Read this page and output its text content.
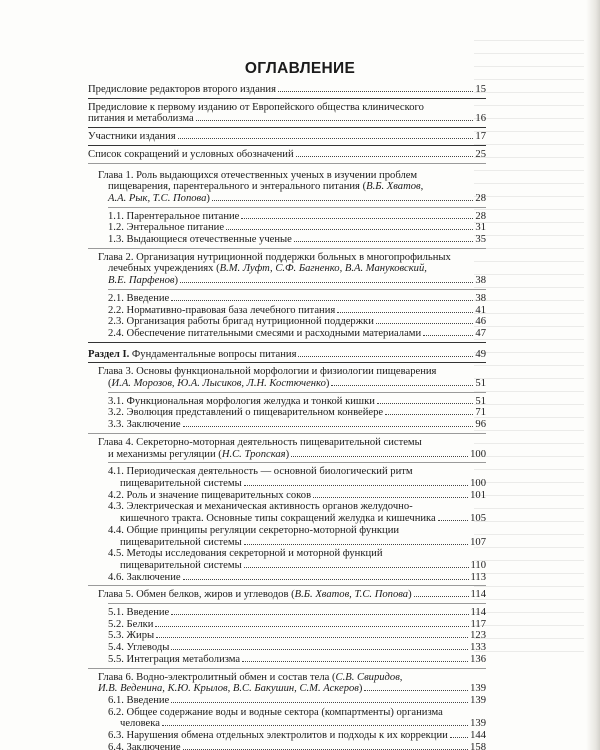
ОГЛАВЛЕНИЕ
Предисловие редакторов второго издания	15
Предисловие к первому изданию от Европейского общества клинического
питания и метаболизма	16
Участники издания	17
Список сокращений и условных обозначений	25
Глава 1. Роль выдающихся отечественных ученых в изучении проблем
пищеварения, парентерального и энтерального питания (В.Б. Хватов,
А.А. Рык, Т.С. Попова)	28
1.1. Парентеральное питание	28
1.2. Энтеральное питание	31
1.3. Выдающиеся отечественные ученые	35
Глава 2. Организация нутриционной поддержки больных в многопрофильных
лечебных учреждениях (В.М. Луфт, С.Ф. Багненко, В.А. Мануковский,
В.Е. Парфенов)	38
2.1. Введение	38
2.2. Нормативно-правовая база лечебного питания	41
2.3. Организация работы бригад нутриционной поддержки	46
2.4. Обеспечение питательными смесями и расходными материалами	47
Раздел I. Фундаментальные вопросы питания	49
Глава 3. Основы функциональной морфологии и физиологии пищеварения
(И.А. Морозов, Ю.А. Лысиков, Л.Н. Костюченко)	51
3.1. Функциональная морфология желудка и тонкой кишки	51
3.2. Эволюция представлений о пищеварительном конвейере	71
3.3. Заключение	96
Глава 4. Секреторно-моторная деятельность пищеварительной системы
и механизмы регуляции (Н.С. Тропская)	100
4.1. Периодическая деятельность — основной биологический ритм
пищеварительной системы	100
4.2. Роль и значение пищеварительных соков	101
4.3. Электрическая и механическая активность органов желудочно-
кишечного тракта. Основные типы сокращений желудка и кишечника	105
4.4. Общие принципы регуляции секреторно-моторной функции
пищеварительной системы	107
4.5. Методы исследования секреторной и моторной функций
пищеварительной системы	110
4.6. Заключение	113
Глава 5. Обмен белков, жиров и углеводов (В.Б. Хватов, Т.С. Попова)	114
5.1. Введение	114
5.2. Белки	117
5.3. Жиры	123
5.4. Углеводы	133
5.5. Интеграция метаболизма	136
Глава 6. Водно-электролитный обмен и состав тела (С.В. Свиридов,
И.В. Веденина, К.Ю. Крылов, В.С. Бакушин, С.М. Аскеров)	139
6.1. Введение	139
6.2. Общее содержание воды и водные сектора (компартменты) организма
человека	139
6.3. Нарушения обмена отдельных электролитов и подходы к их коррекции 144
6.4. Заключение	158
